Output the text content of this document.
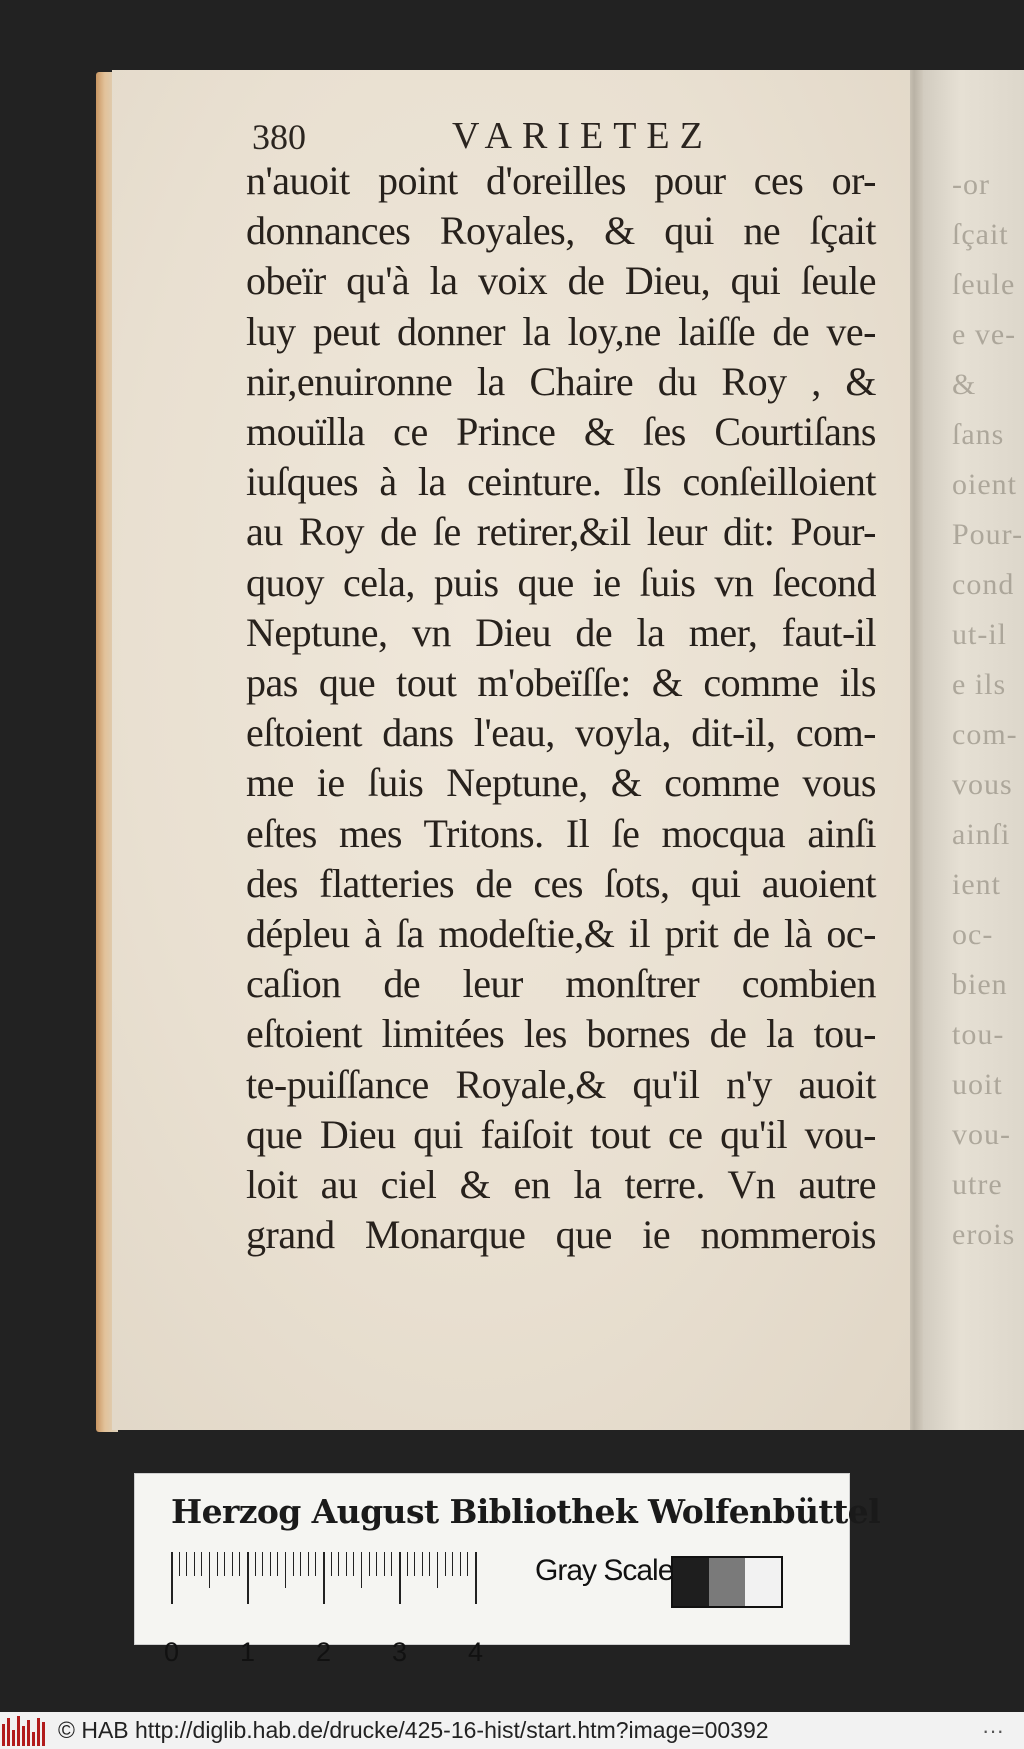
-or
ſçait
ſeule
e ve-
&
ſans
oient
Pour-
cond
ut-il
e ils
com-
vous
ainſi
ient
oc-
bien
tou-
uoit
vou-
utre
erois
380	VARIETEZ
n'auoit point d'oreilles pour ces or-
donnances Royales, & qui ne ſçait
obeïr qu'à la voix de Dieu, qui ſeule
luy peut donner la loy,ne laiſſe de ve-
nir,enuironne la Chaire du Roy , &
mouïlla ce Prince & ſes Courtiſans
iuſques à la ceinture. Ils conſeilloient
au Roy de ſe retirer,&il leur dit: Pour-
quoy cela, puis que ie ſuis vn ſecond
Neptune, vn Dieu de la mer, faut-il
pas que tout m'obeïſſe: & comme ils
eſtoient dans l'eau, voyla, dit-il, com-
me ie ſuis Neptune, & comme vous
eſtes mes Tritons. Il ſe mocqua ainſi
des flatteries de ces ſots, qui auoient
dépleu à ſa modeſtie,& il prit de là oc-
caſion de leur monſtrer combien
eſtoient limitées les bornes de la tou-
te-puiſſance Royale,& qu'il n'y auoit
que Dieu qui faiſoit tout ce qu'il vou-
loit au ciel & en la terre. Vn autre
grand Monarque que ie nommerois
Herzog August Bibliothek Wolfenbüttel
0 1 2 3 4
Gray Scale
© HAB http://diglib.hab.de/drucke/425-16-hist/start.htm?image=00392	···
